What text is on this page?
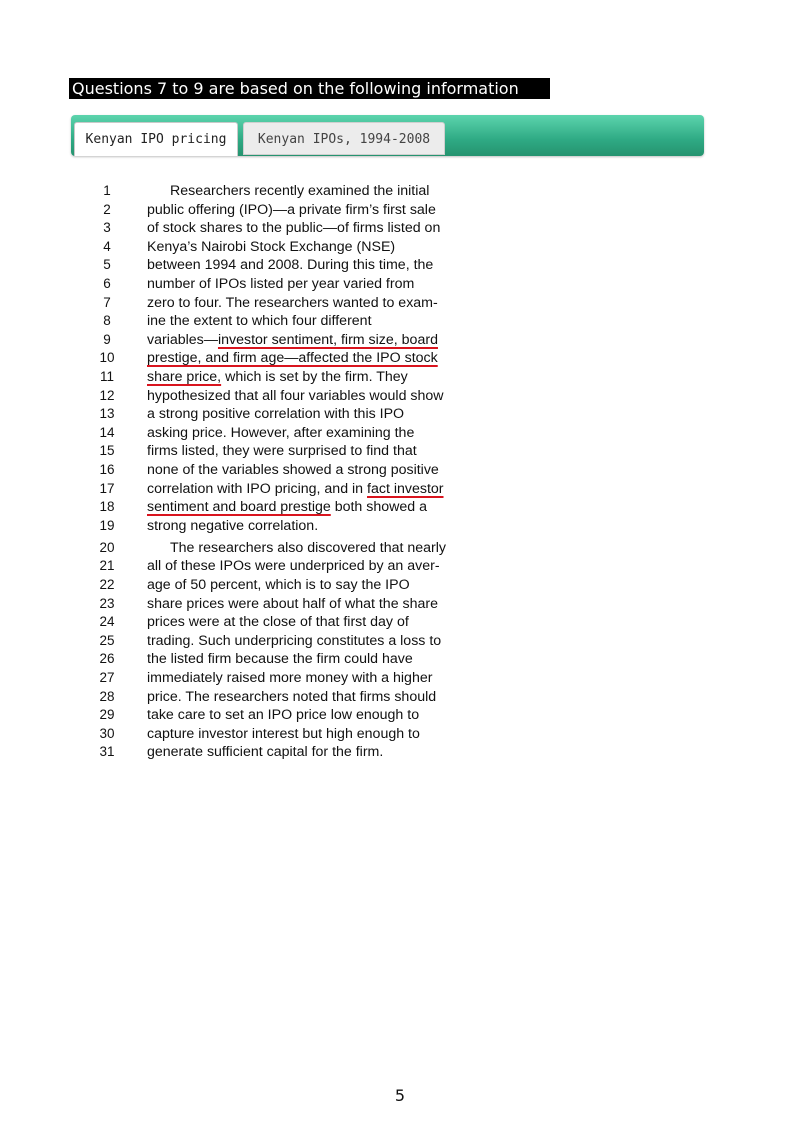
Questions 7 to 9 are based on the following information
Kenyan IPO pricing	Kenyan IPOs, 1994-2008
1	Researchers recently examined the initial
2	public offering (IPO)—a private firm’s first sale
3	of stock shares to the public—of firms listed on
4	Kenya’s Nairobi Stock Exchange (NSE)
5	between 1994 and 2008. During this time, the
6	number of IPOs listed per year varied from
7	zero to four. The researchers wanted to exam-
8	ine the extent to which four different
9	variables—investor sentiment, firm size, board
10 prestige, and firm age—affected the IPO stock
11 share price, which is set by the firm. They
12 hypothesized that all four variables would show
13 a strong positive correlation with this IPO
14 asking price. However, after examining the
15 firms listed, they were surprised to find that
16 none of the variables showed a strong positive
17 correlation with IPO pricing, and in fact investor
18 sentiment and board prestige both showed a
19 strong negative correlation.
20	The researchers also discovered that nearly
21 all of these IPOs were underpriced by an aver-
22 age of 50 percent, which is to say the IPO
23 share prices were about half of what the share
24 prices were at the close of that first day of
25 trading. Such underpricing constitutes a loss to
26 the listed firm because the firm could have
27 immediately raised more money with a higher
28 price. The researchers noted that firms should
29 take care to set an IPO price low enough to
30 capture investor interest but high enough to
31 generate sufficient capital for the firm.
5
